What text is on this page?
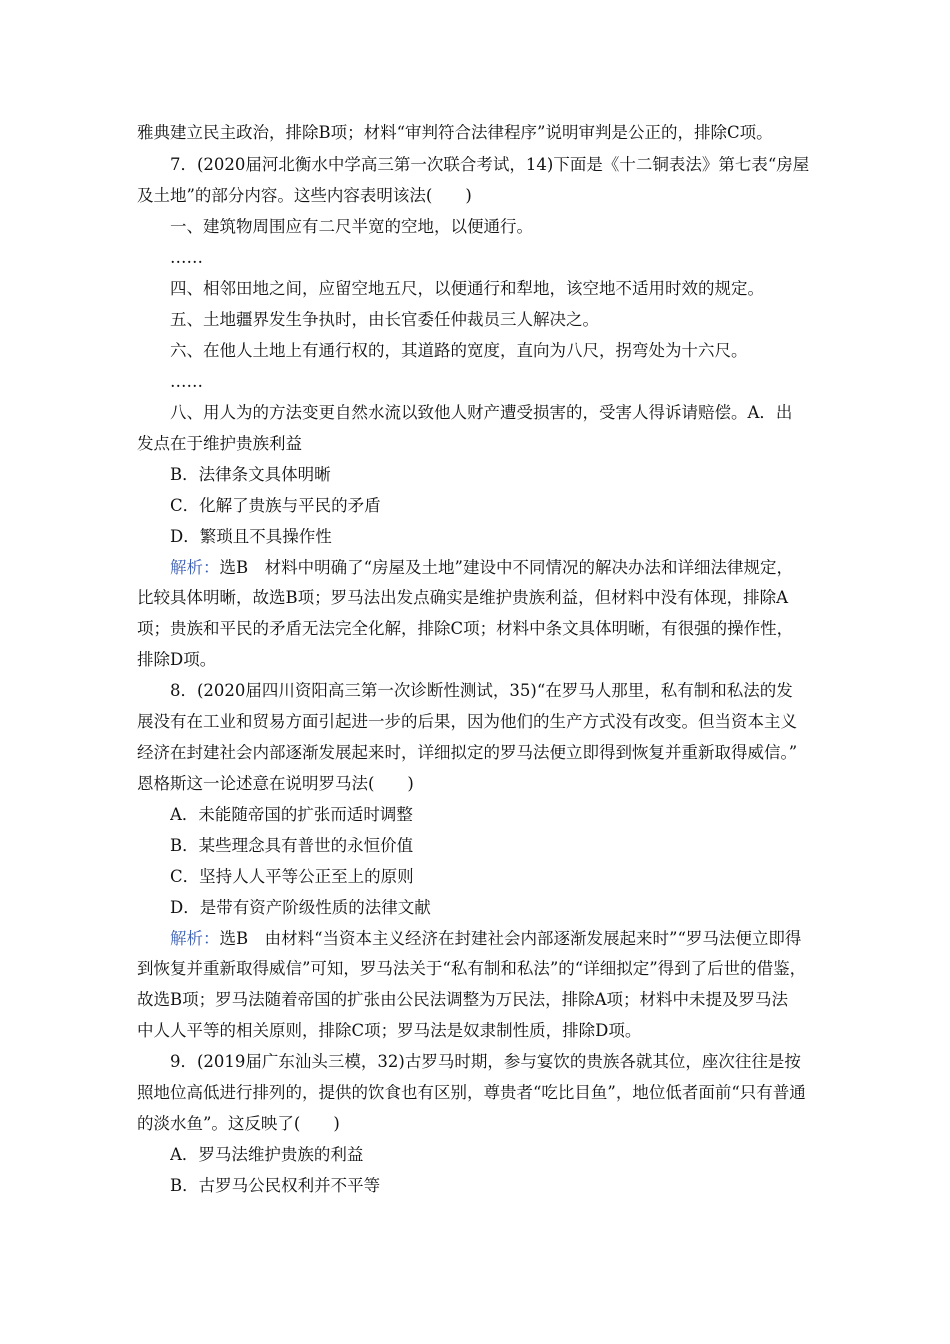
雅典建立民主政治，排除B项；材料“审判符合法律程序”说明审判是公正的，排除C项。
7．(2020届河北衡水中学高三第一次联合考试，14)下面是《十二铜表法》第七表“房屋
及土地”的部分内容。这些内容表明该法(　　)
一、建筑物周围应有二尺半宽的空地，以便通行。
……
四、相邻田地之间，应留空地五尺，以便通行和犁地，该空地不适用时效的规定。
五、土地疆界发生争执时，由长官委任仲裁员三人解决之。
六、在他人土地上有通行权的，其道路的宽度，直向为八尺，拐弯处为十六尺。
……
八、用人为的方法变更自然水流以致他人财产遭受损害的，受害人得诉请赔偿。A．出
发点在于维护贵族利益
B．法律条文具体明晰
C．化解了贵族与平民的矛盾
D．繁琐且不具操作性
解析：选B　材料中明确了“房屋及土地”建设中不同情况的解决办法和详细法律规定，
比较具体明晰，故选B项；罗马法出发点确实是维护贵族利益，但材料中没有体现，排除A
项；贵族和平民的矛盾无法完全化解，排除C项；材料中条文具体明晰，有很强的操作性，
排除D项。
8．(2020届四川资阳高三第一次诊断性测试，35)“在罗马人那里，私有制和私法的发
展没有在工业和贸易方面引起进一步的后果，因为他们的生产方式没有改变。但当资本主义
经济在封建社会内部逐渐发展起来时，详细拟定的罗马法便立即得到恢复并重新取得威信。”
恩格斯这一论述意在说明罗马法(　　)
A．未能随帝国的扩张而适时调整
B．某些理念具有普世的永恒价值
C．坚持人人平等公正至上的原则
D．是带有资产阶级性质的法律文献
解析：选B　由材料“当资本主义经济在封建社会内部逐渐发展起来时”“罗马法便立即得
到恢复并重新取得威信”可知，罗马法关于“私有制和私法”的“详细拟定”得到了后世的借鉴，
故选B项；罗马法随着帝国的扩张由公民法调整为万民法，排除A项；材料中未提及罗马法
中人人平等的相关原则，排除C项；罗马法是奴隶制性质，排除D项。
9．(2019届广东汕头三模，32)古罗马时期，参与宴饮的贵族各就其位，座次往往是按
照地位高低进行排列的，提供的饮食也有区别，尊贵者“吃比目鱼”，地位低者面前“只有普通
的淡水鱼”。这反映了(　　)
A．罗马法维护贵族的利益
B．古罗马公民权利并不平等
